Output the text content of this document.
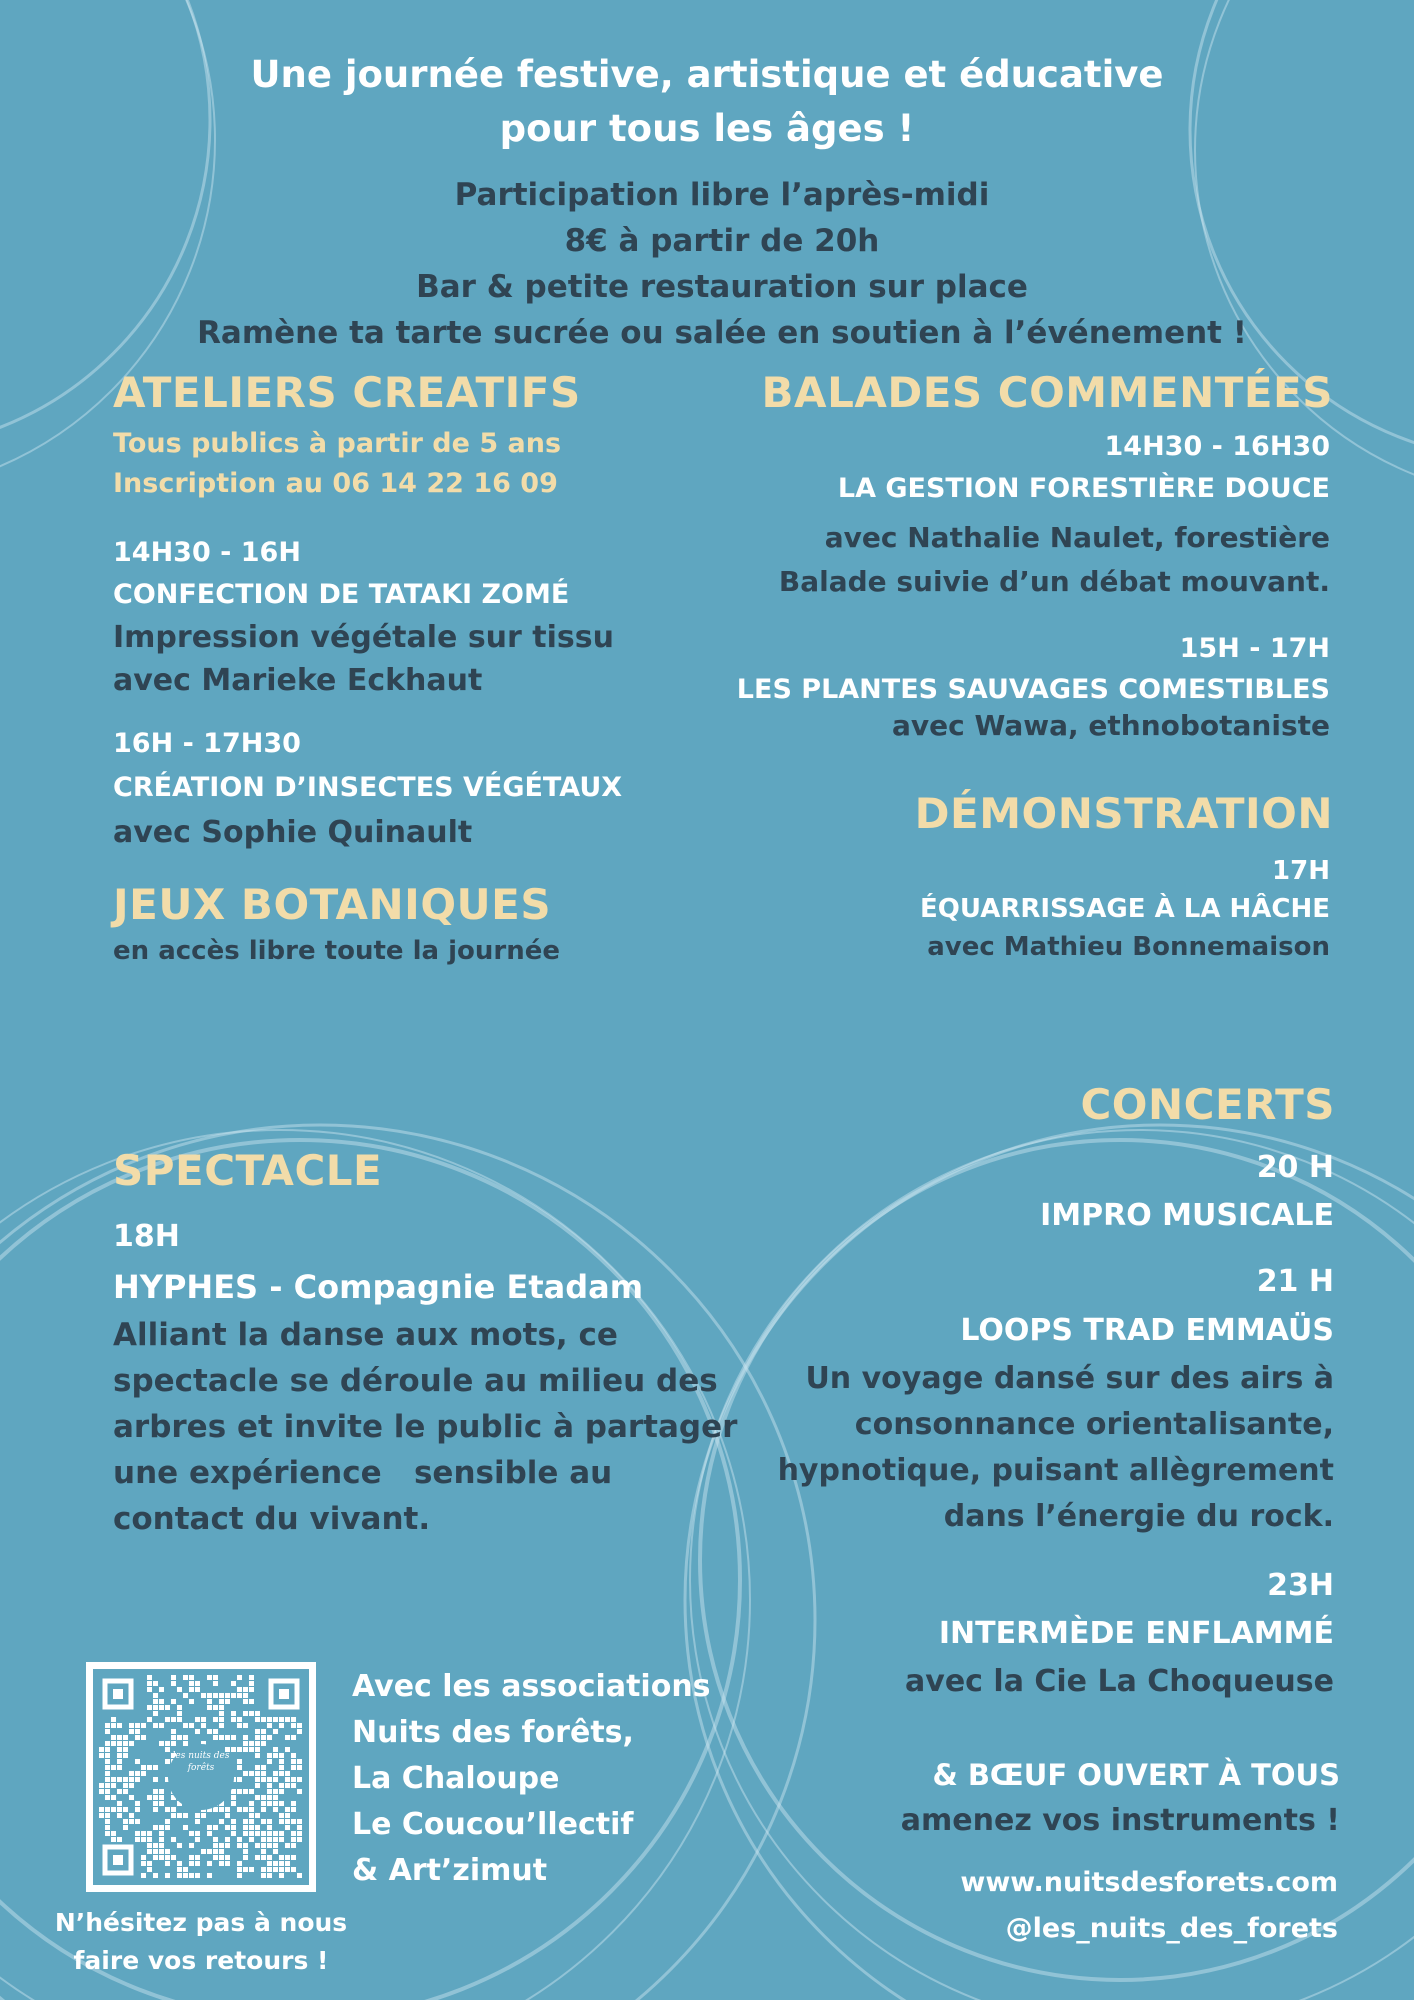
Une journée festive, artistique et éducative
pour tous les âges !
Participation libre l’après-midi
8€ à partir de 20h
Bar & petite restauration sur place
Ramène ta tarte sucrée ou salée en soutien à l’événement !
ATELIERS CREATIFS
Tous publics à partir de 5 ans
Inscription au 06 14 22 16 09
14H30 - 16H
CONFECTION DE TATAKI ZOMÉ
Impression végétale sur tissu
avec Marieke Eckhaut
16H - 17H30
CRÉATION D’INSECTES VÉGÉTAUX
avec Sophie Quinault
JEUX BOTANIQUES
en accès libre toute la journée
BALADES COMMENTÉES
14H30 - 16H30
LA GESTION FORESTIÈRE DOUCE
avec Nathalie Naulet, forestière
Balade suivie d’un débat mouvant.
15H - 17H
LES PLANTES SAUVAGES COMESTIBLES
avec Wawa, ethnobotaniste
DÉMONSTRATION
17H
ÉQUARRISSAGE À LA HÂCHE
avec Mathieu Bonnemaison
CONCERTS
20 H
IMPRO MUSICALE
21 H
LOOPS TRAD EMMAÜS
Un voyage dansé sur des airs à
consonnance orientalisante,
hypnotique, puisant allègrement
dans l’énergie du rock.
23H
INTERMÈDE ENFLAMMÉ
avec la Cie La Choqueuse
& BŒUF OUVERT À TOUS
amenez vos instruments !
SPECTACLE
18H
HYPHES - Compagnie Etadam
Alliant la danse aux mots, ce
spectacle se déroule au milieu des
arbres et invite le public à partager
une expérience   sensible au
contact du vivant.
les nuits des forêts
N’hésitez pas à nous
faire vos retours !
Avec les associations
Nuits des forêts,
La Chaloupe
Le Coucou’llectif
& Art’zimut	www.nuitsdesforets.com
@les_nuits_des_forets
